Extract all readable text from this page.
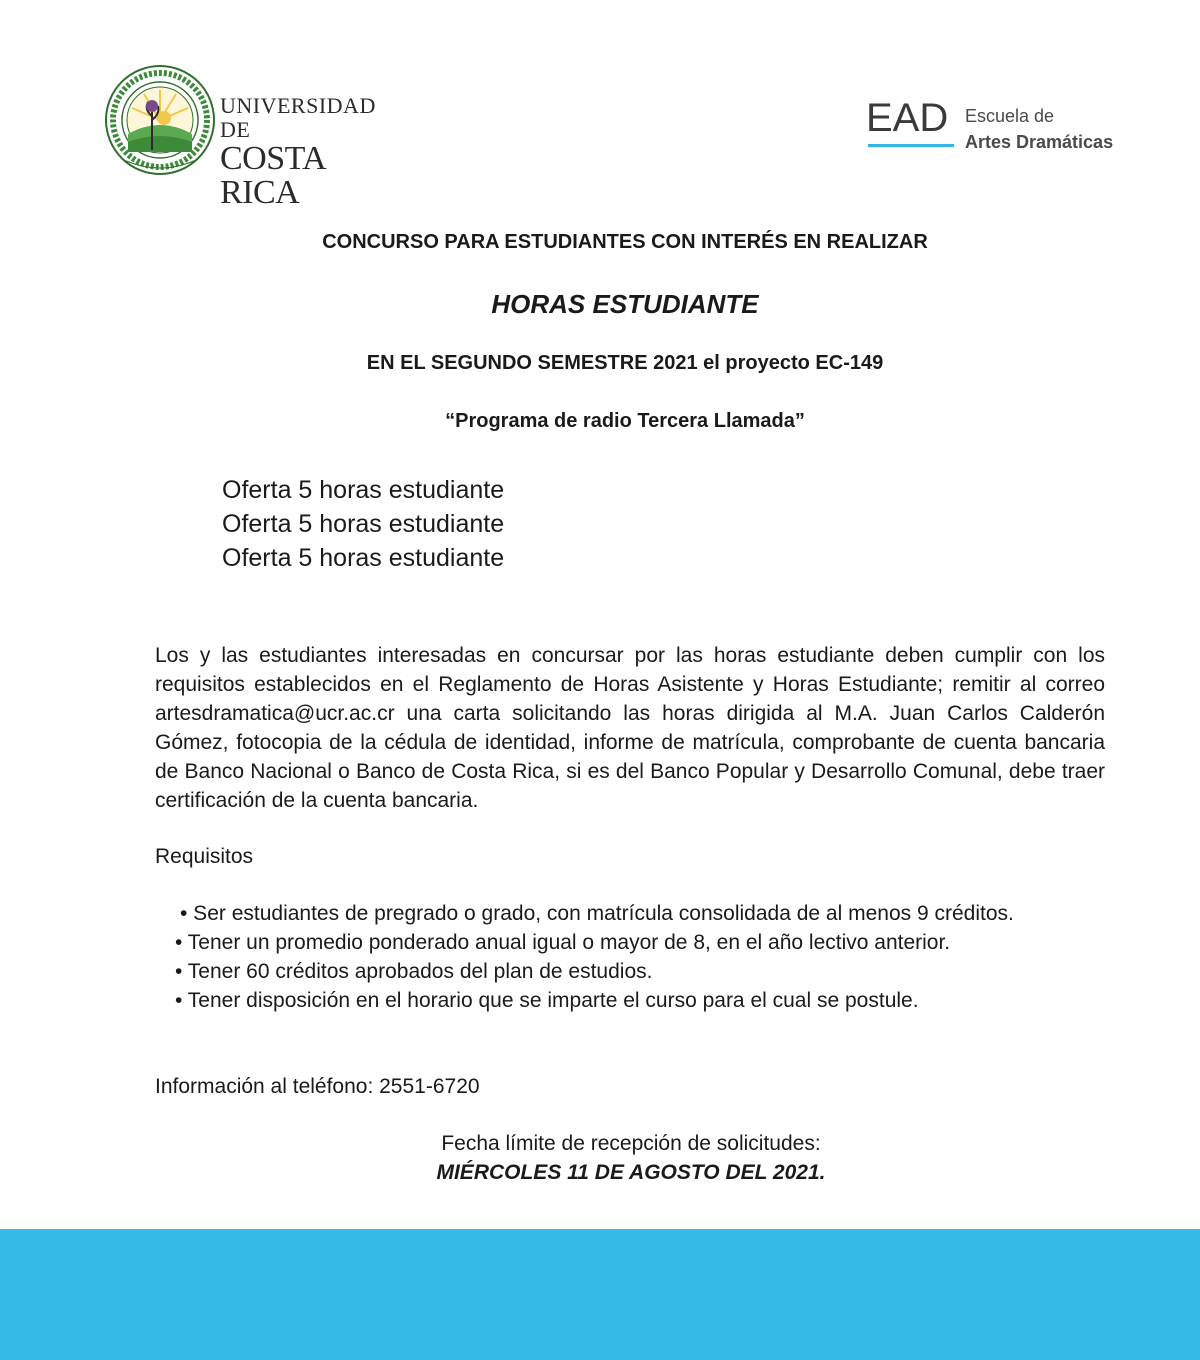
UNIVERSIDAD DE
COSTA RICA
EAD Escuela de
Artes Dramáticas
CONCURSO PARA ESTUDIANTES CON INTERÉS EN REALIZAR
HORAS ESTUDIANTE
EN EL SEGUNDO SEMESTRE 2021 el proyecto EC-149
“Programa de radio Tercera Llamada”
Oferta 5 horas estudiante
Oferta 5 horas estudiante
Oferta 5 horas estudiante

Los y las estudiantes interesadas en concursar por las horas estudiante deben cumplir con los requisitos establecidos en el Reglamento de Horas Asistente y Horas Estudiante; remitir al correo artesdramatica@ucr.ac.cr una carta solicitando las horas dirigida al M.A. Juan Carlos Calderón Gómez, fotocopia de la cédula de identidad, informe de matrícula, comprobante de cuenta bancaria de Banco Nacional o Banco de Costa Rica, si es del Banco Popular y Desarrollo Comunal, debe traer certificación de la cuenta bancaria.

Requisitos
• Ser estudiantes de pregrado o grado, con matrícula consolidada de al menos 9 créditos.
• Tener un promedio ponderado anual igual o mayor de 8, en el año lectivo anterior.
• Tener 60 créditos aprobados del plan de estudios.
• Tener disposición en el horario que se imparte el curso para el cual se postule.
Información al teléfono: 2551-6720
Fecha límite de recepción de solicitudes:
MIÉRCOLES 11 DE AGOSTO DEL 2021.
